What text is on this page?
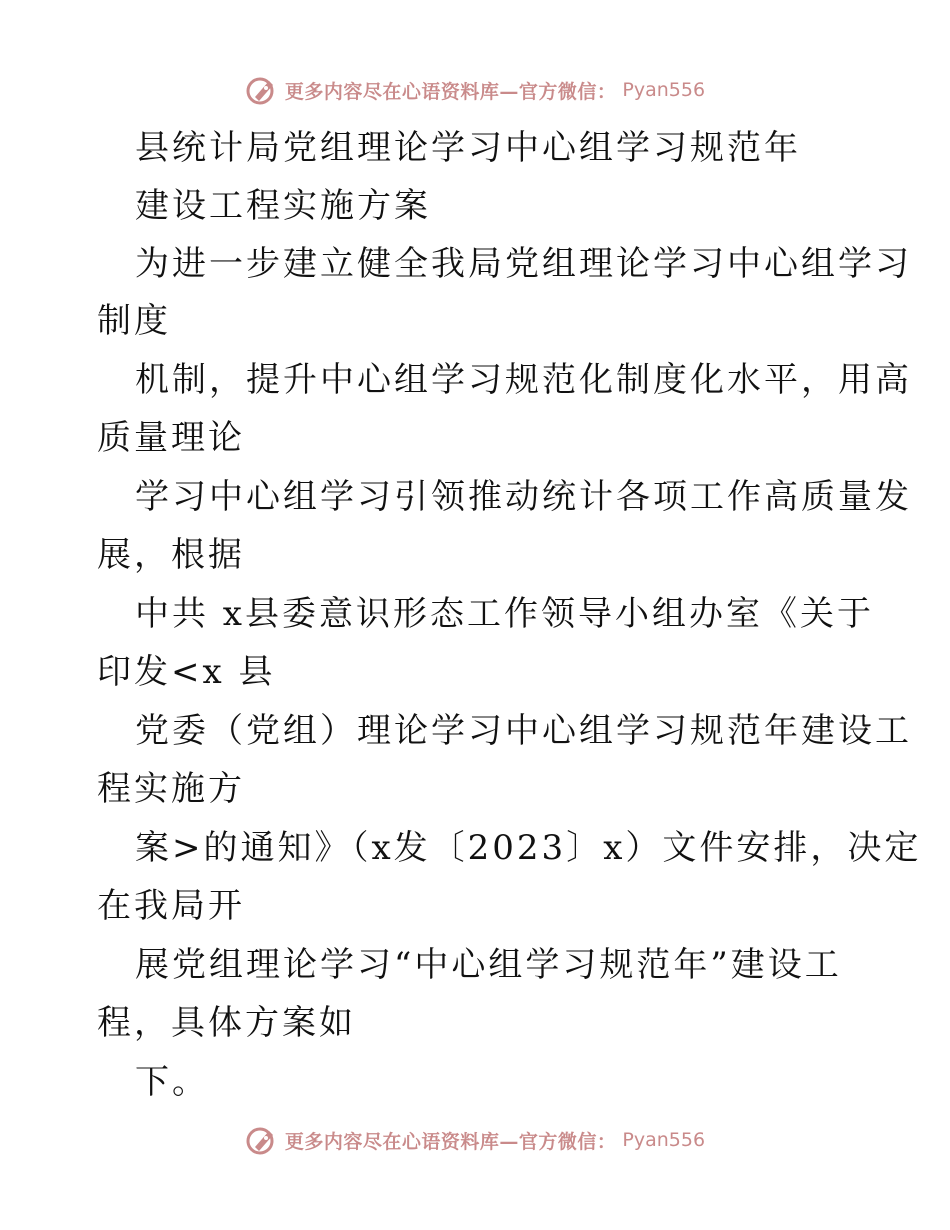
更多内容尽在心语资料库—官方微信： Pyan556
县统计局党组理论学习中心组学习规范年
建设工程实施方案
为进一步建立健全我局党组理论学习中心组学习
制度
机制，提升中心组学习规范化制度化水平，用高
质量理论
学习中心组学习引领推动统计各项工作高质量发
展，根据
中共 x县委意识形态工作领导小组办室《关于
印发<x 县
党委（党组）理论学习中心组学习规范年建设工
程实施方
案>的通知》（x发〔2023〕x）文件安排，决定
在我局开
展党组理论学习“中心组学习规范年”建设工
程，具体方案如
下。
更多内容尽在心语资料库—官方微信： Pyan556
